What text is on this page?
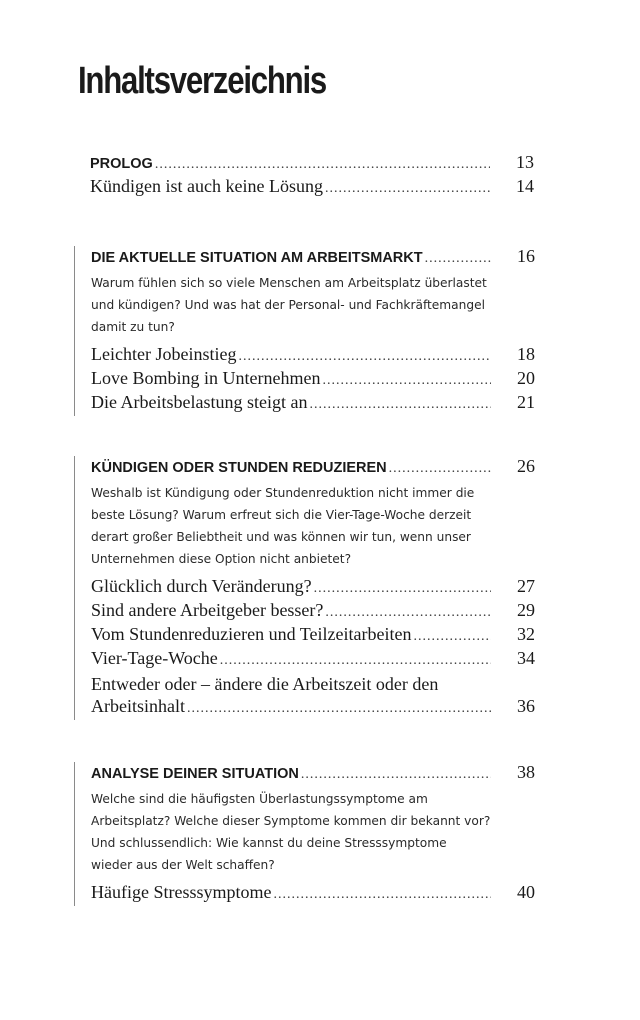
Inhaltsverzeichnis
PROLOG .....	13
Kündigen ist auch keine Lösung .....	14
DIE AKTUELLE SITUATION AM ARBEITSMARKT .....	16
Warum fühlen sich so viele Menschen am Arbeitsplatz überlastet und kündigen? Und was hat der Personal- und Fachkräftemangel damit zu tun?
Leichter Jobeinstieg .....	18
Love Bombing in Unternehmen .....	20
Die Arbeitsbelastung steigt an .....	21
KÜNDIGEN ODER STUNDEN REDUZIEREN .....	26
Weshalb ist Kündigung oder Stundenreduktion nicht immer die beste Lösung? Warum erfreut sich die Vier-Tage-Woche derzeit derart großer Beliebtheit und was können wir tun, wenn unser Unternehmen diese Option nicht anbietet?
Glücklich durch Veränderung? .....	27
Sind andere Arbeitgeber besser? .....	29
Vom Stundenreduzieren und Teilzeitarbeiten .....	32
Vier-Tage-Woche .....	34
Entweder oder – ändere die Arbeitszeit oder den
Arbeitsinhalt .....	36
ANALYSE DEINER SITUATION .....	38
Welche sind die häufigsten Überlastungssymptome am Arbeitsplatz? Welche dieser Symptome kommen dir bekannt vor? Und schlussendlich: Wie kannst du deine Stresssymptome wieder aus der Welt schaffen?
Häufige Stresssymptome .....	40
